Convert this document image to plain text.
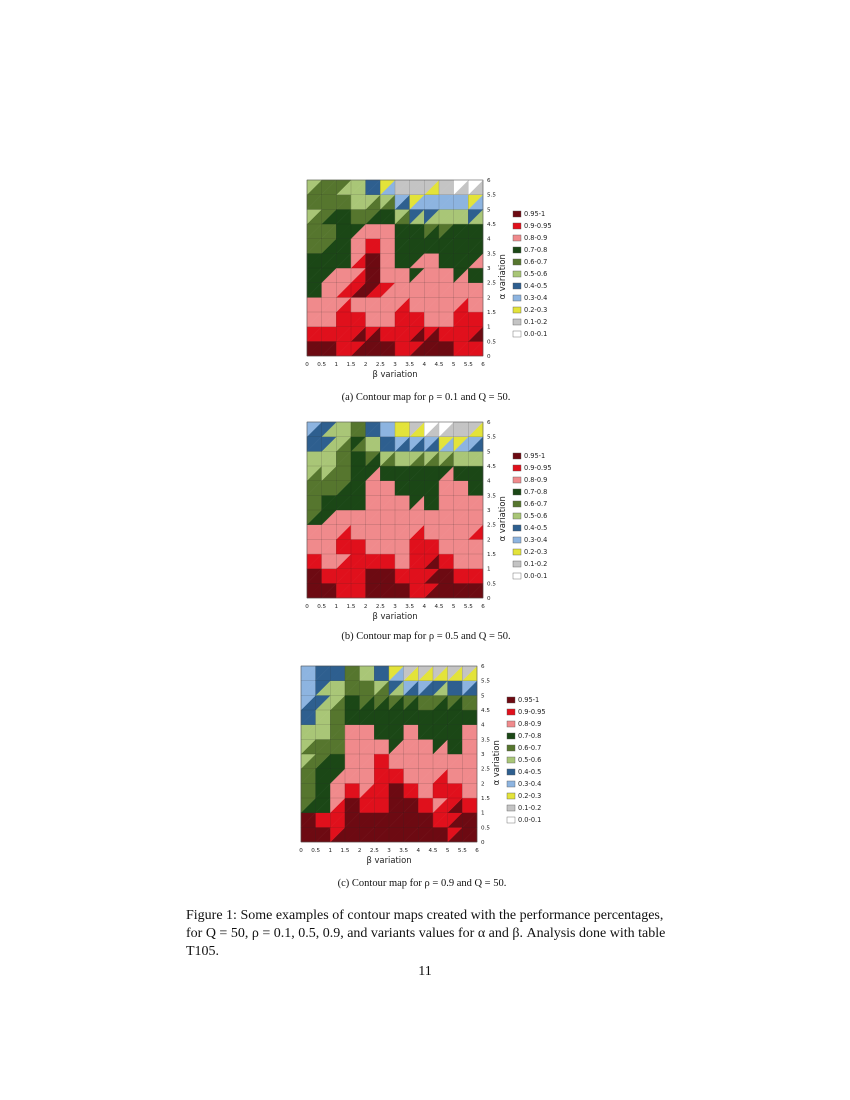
0 0.5 1 1.5 2 2.5 3 3.5 4 4.5 5 5.5 6
0
0.5
1
1.5
2
2.5
3
3.5
4
4.5
5
5.5
6
β variation
α variation
0.95-1
0.9-0.95
0.8-0.9
0.7-0.8
0.6-0.7
0.5-0.6
0.4-0.5
0.3-0.4
0.2-0.3
0.1-0.2
0.0-0.1
(a) Contour map for ρ = 0.1 and Q = 50.
0 0.5 1 1.5 2 2.5 3 3.5 4 4.5 5 5.5 6
0
0.5
1
1.5
2
2.5
3
3.5
4
4.5
5
5.5
6
β variation
α variation
0.95-1
0.9-0.95
0.8-0.9
0.7-0.8
0.6-0.7
0.5-0.6
0.4-0.5
0.3-0.4
0.2-0.3
0.1-0.2
0.0-0.1
(b) Contour map for ρ = 0.5 and Q = 50.
0 0.5 1 1.5 2 2.5 3 3.5 4 4.5 5 5.5 6
0
0.5
1
1.5
2
2.5
3
3.5
4
4.5
5
5.5
6
β variation
α variation
0.95-1
0.9-0.95
0.8-0.9
0.7-0.8
0.6-0.7
0.5-0.6
0.4-0.5
0.3-0.4
0.2-0.3
0.1-0.2
0.0-0.1
(c) Contour map for ρ = 0.9 and Q = 50.
Figure 1: Some examples of contour maps created with the performance percentages, for Q = 50, ρ = 0.1, 0.5, 0.9, and variants values for α and β. Analysis done with table T105.
11
